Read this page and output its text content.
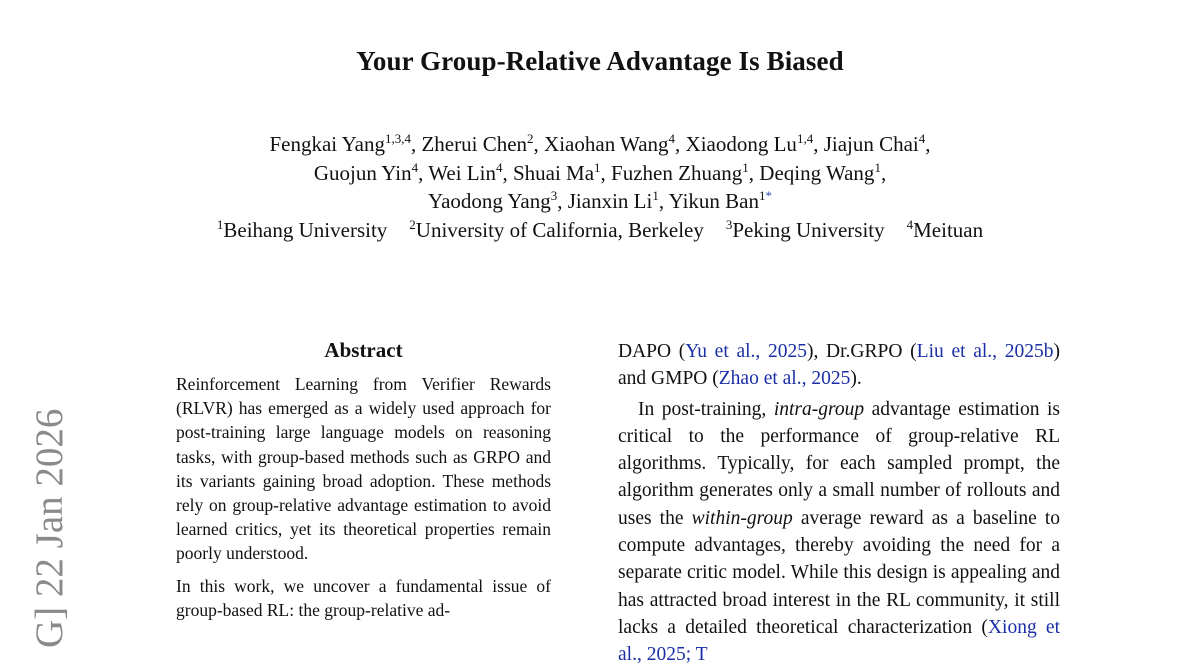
G] 22 Jan 2026
Your Group-Relative Advantage Is Biased
Fengkai Yang$^{1,3,4}$, Zherui Chen$^2$, Xiaohan Wang$^4$, Xiaodong Lu$^{1,4}$, Jiajun Chai$^4$,
Guojun Yin$^4$, Wei Lin$^4$, Shuai Ma$^1$, Fuzhen Zhuang$^1$, Deqing Wang$^1$,
Yaodong Yang$^3$, Jianxin Li$^1$, Yikun Ban$^{1*}$
$^1$Beihang University $^2$University of California, Berkeley $^3$Peking University $^4$Meituan
Abstract

Reinforcement Learning from Verifier Rewards (RLVR) has emerged as a widely used approach for post-training large language models on reasoning tasks, with group-based methods such as GRPO and its variants gaining broad adoption. These methods rely on group-relative advantage estimation to avoid learned critics, yet its theoretical properties remain poorly understood.

In this work, we uncover a fundamental issue of group-based RL: the group-relative ad-

DAPO (Yu et al., 2025), Dr.GRPO (Liu et al., 2025b) and GMPO (Zhao et al., 2025).

In post-training, intra-group advantage estimation is critical to the performance of group-relative RL algorithms. Typically, for each sampled prompt, the algorithm generates only a small number of rollouts and uses the within-group average reward as a baseline to compute advantages, thereby avoiding the need for a separate critic model. While this design is appealing and has attracted broad interest in the RL community, it still lacks a detailed theoretical characterization (Xiong et al., 2025; T
